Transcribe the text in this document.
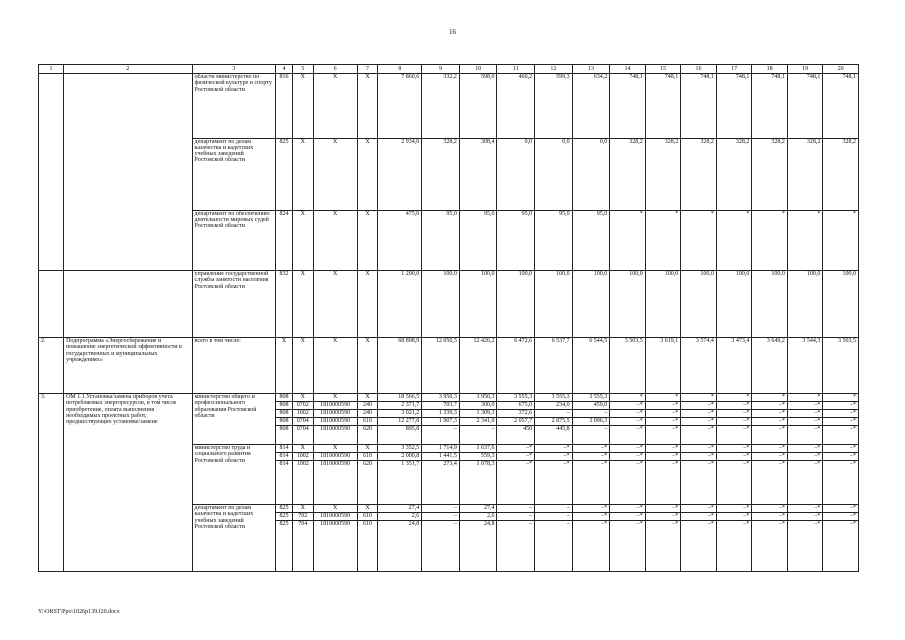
16
1	2	3	4	5	6	7	8	9	10	11	12	13	14	15	16	17	18	19	20
		области министерство по физической культуре и спорту Ростовской области	816	X	X	X	7 860,6	332,2	598,0	460,2	599,3	634,2	748,1	748,1	748,1	748,1	748,1	748,1	748,1
		департамент по делам казачества и кадетских учебных заведений Ростовской области	825	X	X	X	2 934,0	328,2	308,4	0,0	0,0	0,0	328,2	328,2	328,2	328,2	328,2	328,2	328,2
		департамент по обеспечению деятельности мировых судей Ростовской области	824	X	X	X	475,0	95,0	95,0	95,0	95,0	95,0	*	*	*	*	*	*	*
		управление государственной службы занятости населения Ростовской области	832	X	X	X	1 200,0	100,0	100,0	100,0	100,0	100,0	100,0	100,0	100,0	100,0	100,0	100,0	100,0
2.	Подпрограмма «Энергосбережение и повышение энергетической эффективности в государственных и муниципальных учреждениях»	всего в том числе:	X	X	X	X	68 898,9	12 050,5	12 426,2	6 472,6	6 537,7	6 544,5	3 503,5	3 619,1	3 574,4	3 473,4	3 649,2	3 544,3	3 503,5
3.	ОМ 1.1.Установка/замена приборов учета потребляемых энергоресурсов, в том числе приобретение, оплата выполнения необходимых проектных работ, предшествующих установке/замене	министерство общего и профессионального образования Ростовской области	808	X	X	X	18 566,5	3 950,3	3 950,3	3 555,3	3 555,3	3 555,3	*	*	*	*	*	*	*
			808	0702	1810000590	240	2 371,7	703,7	300,0	675,0	234,0	459,0	–*	–*	–*	–*	–*	–*	–*
			808	1002	1810000590	240	3 021,2	1 339,3	1 309,3	372,6	–	–	–*	–*	–*	–*	–*	–*	–*
			808	0704	1810000590	610	12 277,8	1 907,3	2 341,0	2 057,7	2 875,5	3 096,3	–*	–*	–*	–*	–*	–*	–*
			808	0704	1810000590	620	895,8	–	–	450	445,8	–	–*	–*	–*	–*	–*	–*	–*
		министерство труда и социального развития Ростовской области	814	X	X	X	3 352,5	1 714,9	1 637,6	–*	–*	–*	–*	–*	–*	–*	–*	–*	–*
			814	1002	1810000590	610	2 000,8	1 441,5	559,3	–*	–*	–*	–*	–*	–*	–*	–*	–*	–*
			814	1002	1810000590	620	1 351,7	273,4	1 078,3	–*	–*	–*	–*	–*	–*	–*	–*	–*	–*
		департамент по делам казачества и кадетских учебных заведений Ростовской области	825	X	X	X	27,4	–	27,4	–	–	–*	–*	–*	–*	–*	–*	–*	–*
			825	702	1810000590	610	2,6	–	2,6	–	–	–*	–*	–*	–*	–*	–*	–*	–*
			825	704	1810000590	610	24,8	–	24,8	–	–	–*	–*	–*	–*	–*	–*	–*	–*
Y:\ORST\Ppo\1026p139.f20.docx
